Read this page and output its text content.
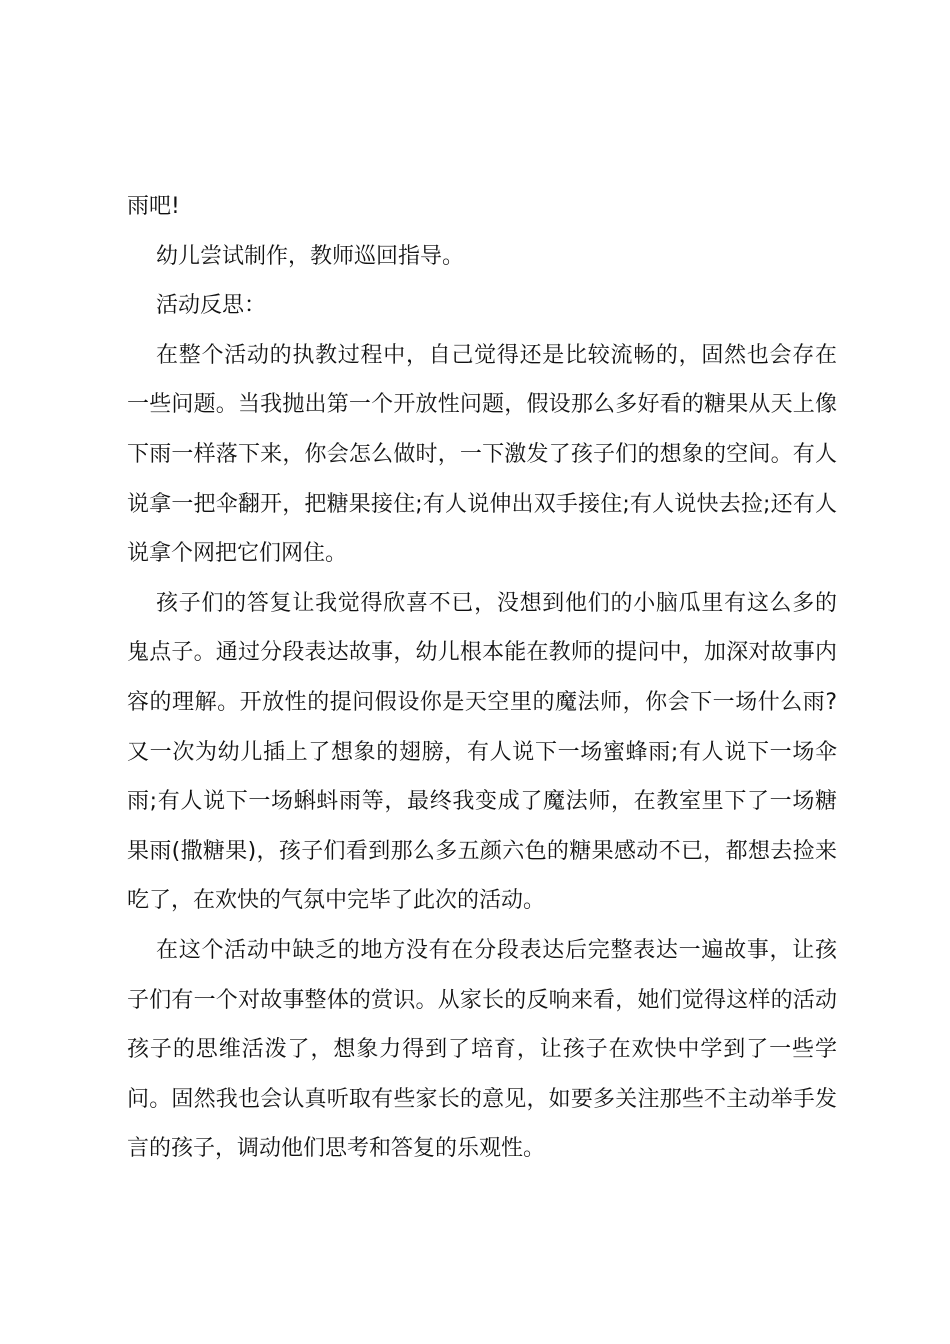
雨吧!

幼儿尝试制作，教师巡回指导。

活动反思：

在整个活动的执教过程中，自己觉得还是比较流畅的，固然也会存在一些问题。当我抛出第一个开放性问题，假设那么多好看的糖果从天上像下雨一样落下来，你会怎么做时，一下激发了孩子们的想象的空间。有人说拿一把伞翻开，把糖果接住;有人说伸出双手接住;有人说快去捡;还有人说拿个网把它们网住。

孩子们的答复让我觉得欣喜不已，没想到他们的小脑瓜里有这么多的鬼点子。通过分段表达故事，幼儿根本能在教师的提问中，加深对故事内容的理解。开放性的提问假设你是天空里的魔法师，你会下一场什么雨?又一次为幼儿插上了想象的翅膀，有人说下一场蜜蜂雨;有人说下一场伞雨;有人说下一场蝌蚪雨等，最终我变成了魔法师，在教室里下了一场糖果雨(撒糖果)，孩子们看到那么多五颜六色的糖果感动不已，都想去捡来吃了，在欢快的气氛中完毕了此次的活动。

在这个活动中缺乏的地方没有在分段表达后完整表达一遍故事，让孩子们有一个对故事整体的赏识。从家长的反响来看，她们觉得这样的活动孩子的思维活泼了，想象力得到了培育，让孩子在欢快中学到了一些学问。固然我也会认真听取有些家长的意见，如要多关注那些不主动举手发言的孩子，调动他们思考和答复的乐观性。
